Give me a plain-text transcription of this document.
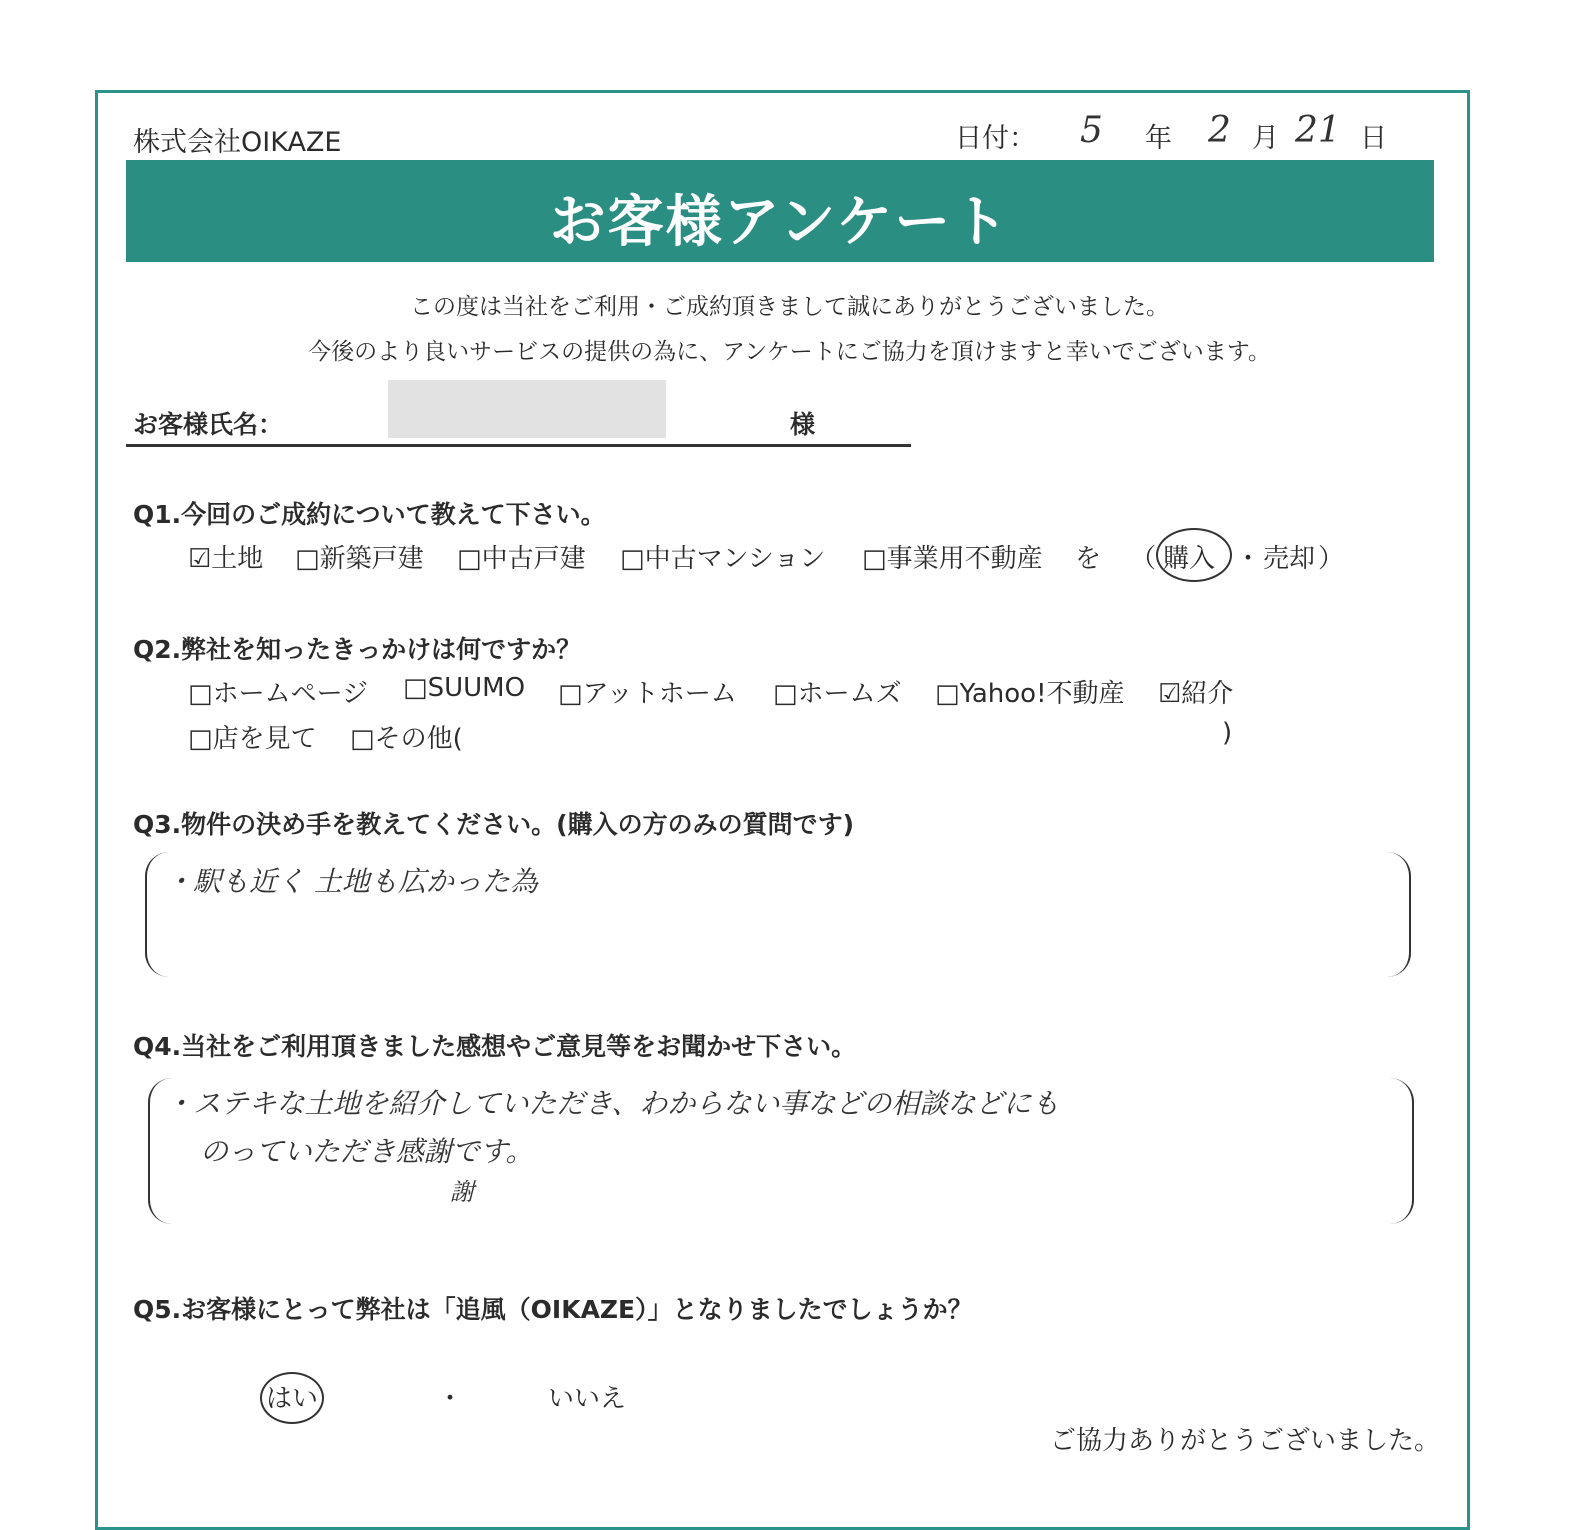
株式会社OIKAZE	日付： 5 年 2 月 21 日
お客様アンケート
この度は当社をご利用・ご成約頂きまして誠にありがとうございました。
今後のより良いサービスの提供の為に、アンケートにご協力を頂けますと幸いでございます。
お客様氏名：	様
Q1.今回のご成約について教えて下さい。
☑土地 □新築戸建 □中古戸建 □中古マンション □事業用不動産 を （ 購入 ・ 売却 ）
Q2.弊社を知ったきっかけは何ですか？
□ホームページ □SUUMO □アットホーム □ホームズ □Yahoo!不動産 ☑紹介
□店を見て □その他(	)
Q3.物件の決め手を教えてください。(購入の方のみの質問です)
・駅も近く 土地も広かった為
Q4.当社をご利用頂きました感想やご意見等をお聞かせ下さい。
・ステキな土地を紹介していただき、わからない事などの相談などにも
のっていただき感謝です。
謝
Q5.お客様にとって弊社は「追風（OIKAZE）」となりましたでしょうか？
はい	・	いいえ
ご協力ありがとうございました。
